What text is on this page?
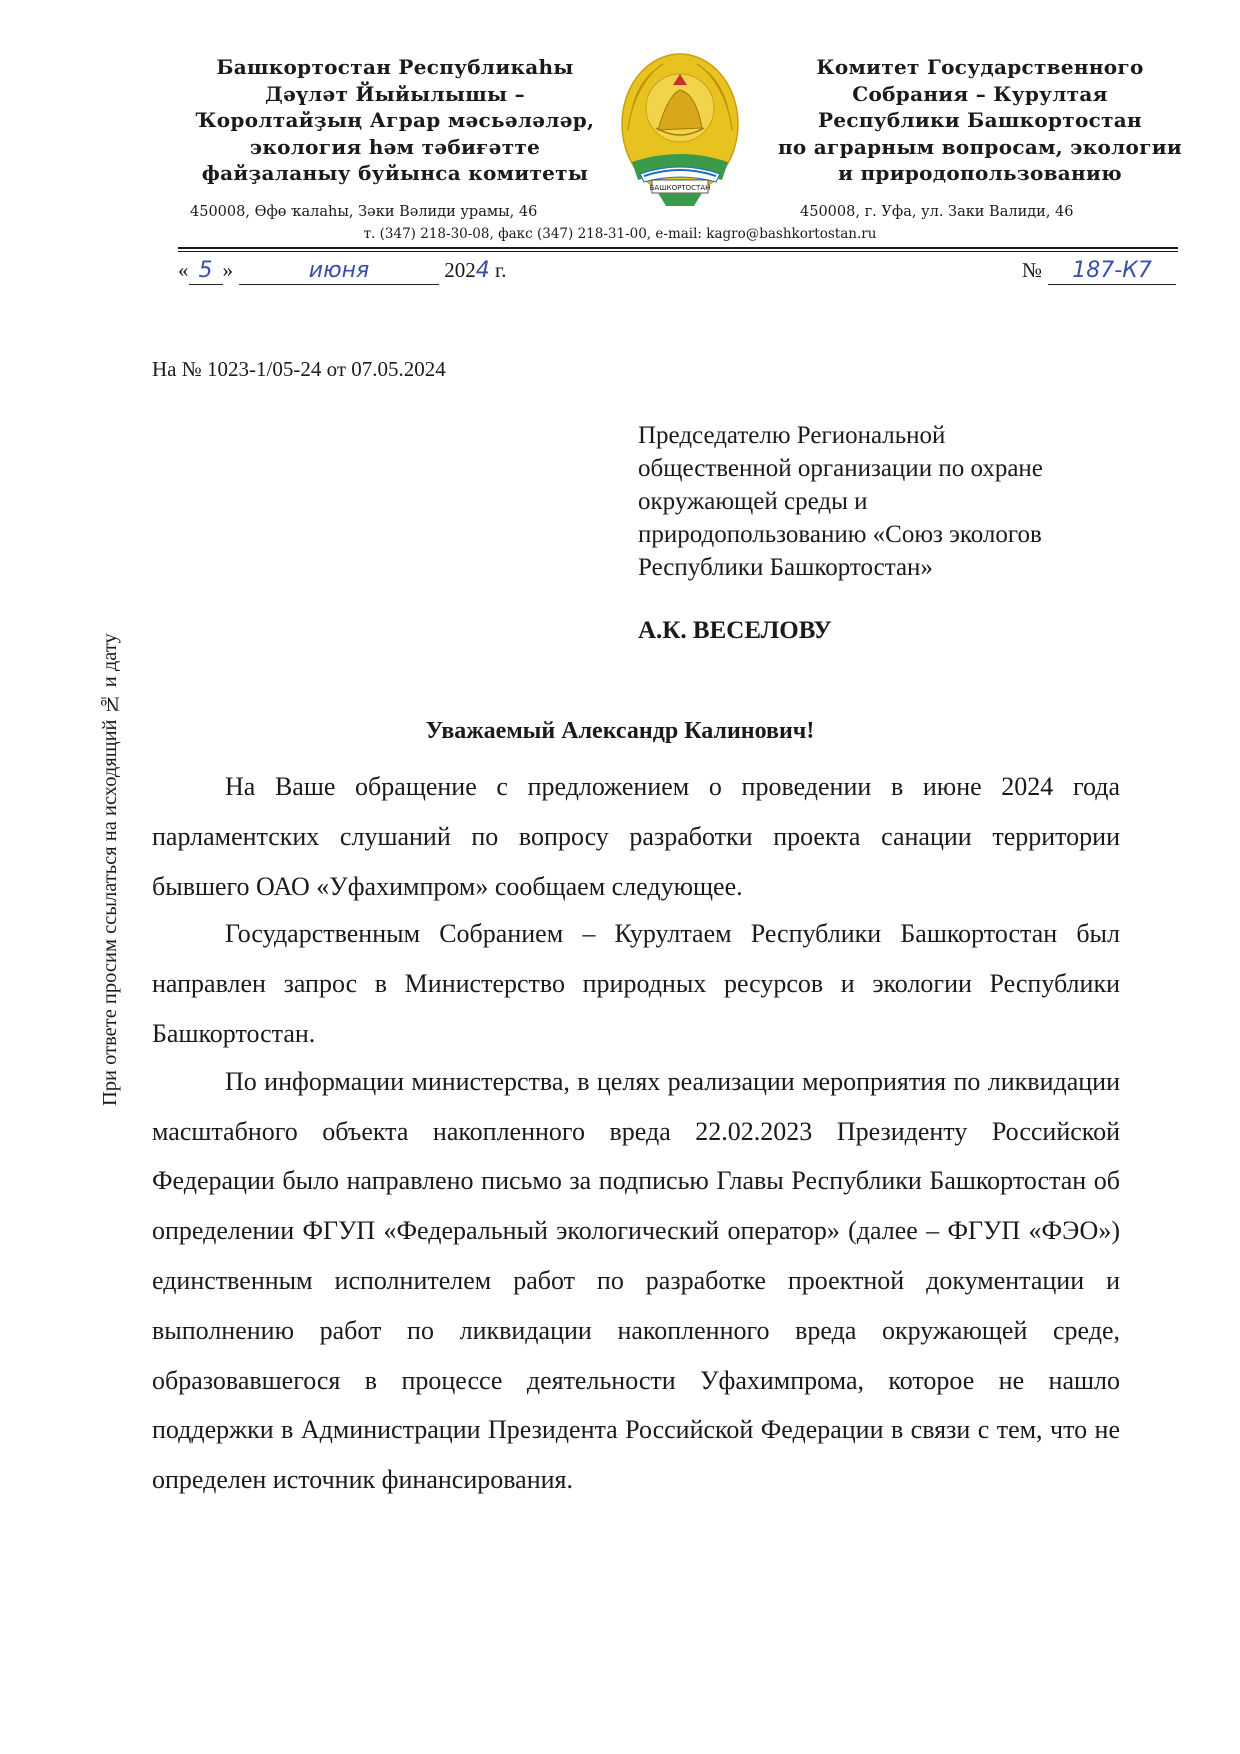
Башкортостан Республикаhы
Дәүләт Йыйылышы –
Ҡоролтайҙың Аграр мәсьәләләр,
экология һәм тәбиғәтте
файҙаланыу буйынса комитеты
БАШКОРТОСТАН
Комитет Государственного
Собрания – Курултая
Республики Башкортостан
по аграрным вопросам, экологии
и природопользованию
450008, Өфө ҡалаhы, Зәки Вәлиди урамы, 46	450008, г. Уфа, ул. Заки Валиди, 46
т. (347) 218-30-08, факс (347) 218-31-00, e-mail: kagro@bashkortostan.ru
« 5 »	июня	2024 г.	№ 187-К7
На № 1023-1/05-24 от 07.05.2024
Председателю Региональной
общественной организации по охране
окружающей среды и
природопользованию «Союз экологов
Республики Башкортостан»
А.К. ВЕСЕЛОВУ
При ответе просим ссылаться на исходящий № и дату	Уважаемый Александр Калинович!

На Ваше обращение с предложением о проведении в июне 2024 года парламентских слушаний по вопросу разработки проекта санации территории бывшего ОАО «Уфахимпром» сообщаем следующее.

Государственным Собранием – Курултаем Республики Башкортостан был направлен запрос в Министерство природных ресурсов и экологии Республики Башкортостан.

По информации министерства, в целях реализации мероприятия по ликвидации масштабного объекта накопленного вреда 22.02.2023 Президенту Российской Федерации было направлено письмо за подписью Главы Республики Башкортостан об определении ФГУП «Федеральный экологический оператор» (далее – ФГУП «ФЭО») единственным исполнителем работ по разработке проектной документации и выполнению работ по ликвидации накопленного вреда окружающей среде, образовавшегося в процессе деятельности Уфахимпрома, которое не нашло поддержки в Администрации Президента Российской Федерации в связи с тем, что не определен источник финансирования.
